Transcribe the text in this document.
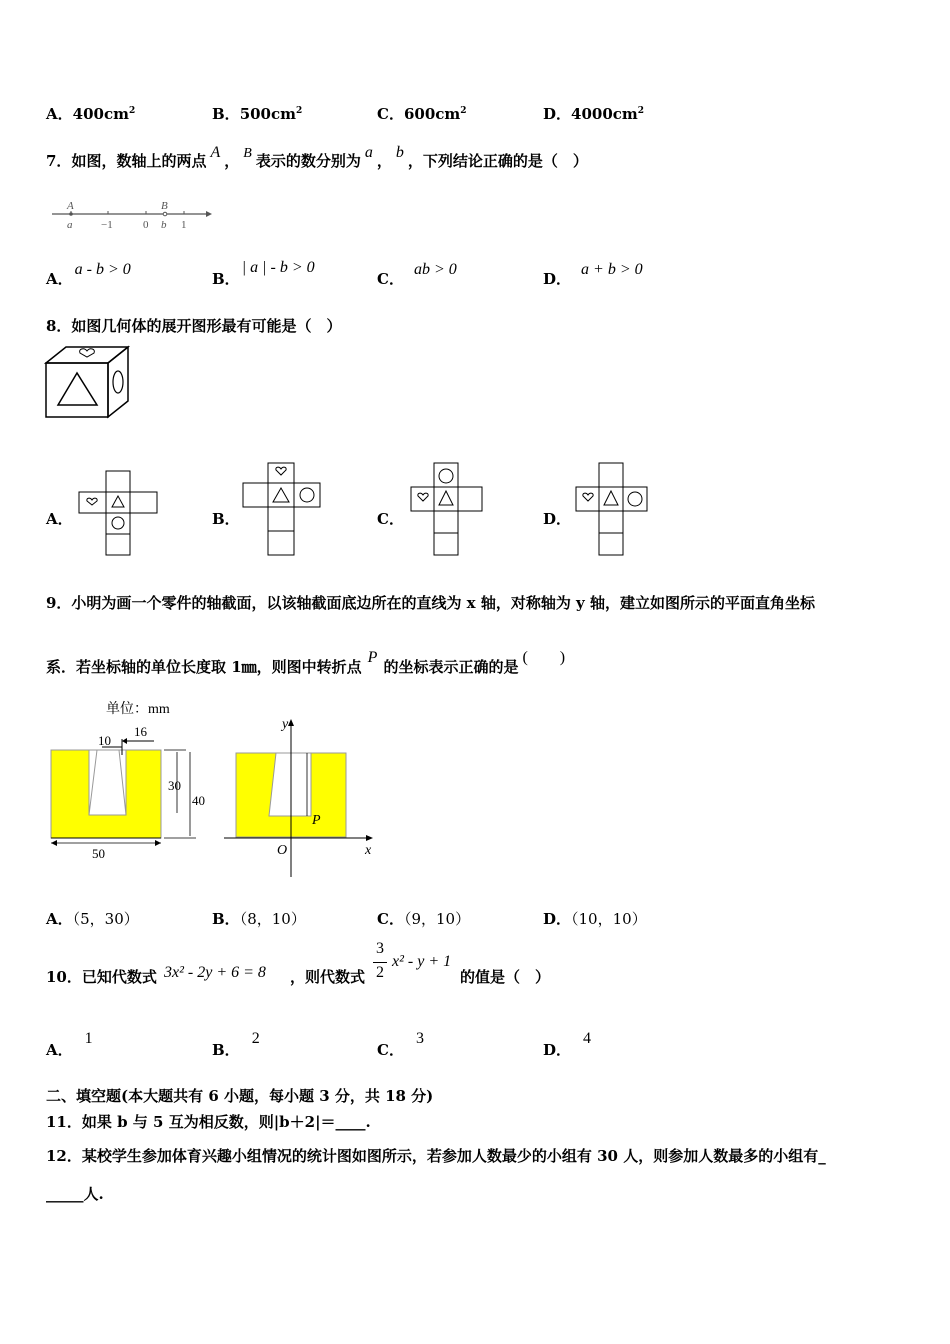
A．$400cm^2$	B．$500cm^2$	C．$600cm^2$	D．$4000cm^2$
7．如图，数轴上的两点 A ， B 表示的数分别为 a ， b ，下列结论正确的是（　）
A	B
a	−1	0 b 1
A．a - b > 0
B．| a | - b > 0
C．ab > 0
D．a + b > 0
8．如图几何体的展开图形最有可能是（　）
A．	B．	C．	D．
9．小明为画一个零件的轴截面，以该轴截面底边所在的直线为 x 轴，对称轴为 y 轴，建立如图所示的平面直角坐标
系．若坐标轴的单位长度取 1㎜，则图中转折点P的坐标表示正确的是(　　)
单位：mm
10
16
30
40
50
y
x
O
P
A．（5，30）	B．（8，10）	C．（9，10）	D．（10，10）
10．已知代数式 3x² - 2y + 6 = 8 ，则代数式
3
2
x² - y + 1
的值是（　）
A．1
B．2
C．3
D．4
二、填空题(本大题共有 6 小题，每小题 3 分，共 18 分)
11．如果 b 与 5 互为相反数，则|b＋2|＝____.
12．某校学生参加体育兴趣小组情况的统计图如图所示，若参加人数最少的小组有 30 人，则参加人数最多的小组有_
_____人.
